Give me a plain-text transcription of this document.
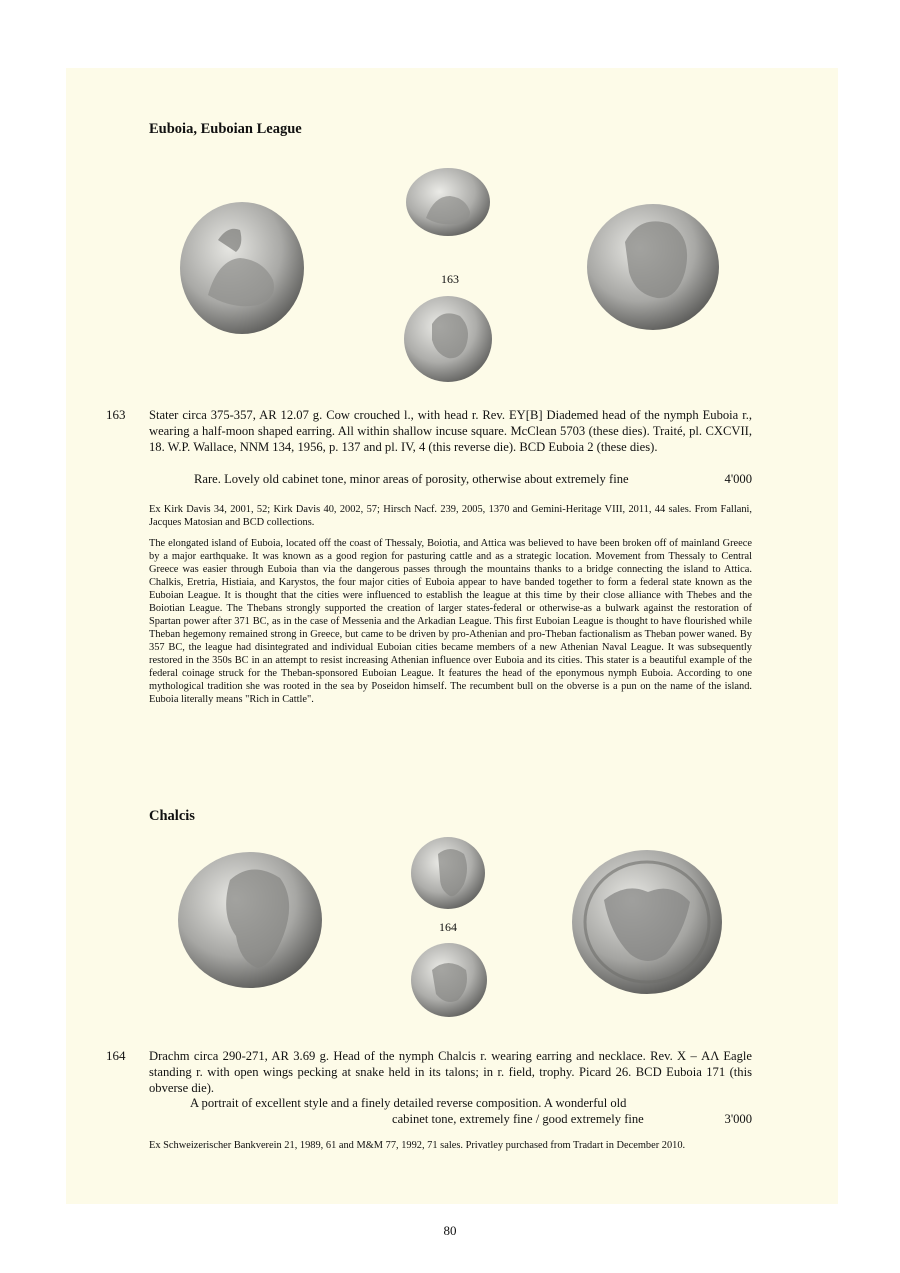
Euboia, Euboian League
163
163 Stater circa 375-357, AR 12.07 g. Cow crouched l., with head r. Rev. EY[B] Diademed head of the nymph Euboia r., wearing a half-moon shaped earring. All within shallow incuse square. McClean 5703 (these dies). Traité, pl. CXCVII, 18. W.P. Wallace, NNM 134, 1956, p. 137 and pl. IV, 4 (this reverse die). BCD Euboia 2 (these dies).
Rare. Lovely old cabinet tone, minor areas of porosity, otherwise about extremely fine	4'000
Ex Kirk Davis 34, 2001, 52; Kirk Davis 40, 2002, 57; Hirsch Nacf. 239, 2005, 1370 and Gemini-Heritage VIII, 2011, 44 sales. From Fallani, Jacques Matosian and BCD collections.
The elongated island of Euboia, located off the coast of Thessaly, Boiotia, and Attica was believed to have been broken off of mainland Greece by a major earthquake. It was known as a good region for pasturing cattle and as a strategic location. Movement from Thessaly to Central Greece was easier through Euboia than via the dangerous passes through the mountains thanks to a bridge connecting the island to Attica. Chalkis, Eretria, Histiaia, and Karystos, the four major cities of Euboia appear to have banded together to form a federal state known as the Euboian League. It is thought that the cities were influenced to establish the league at this time by their close alliance with Thebes and the Boiotian League. The Thebans strongly supported the creation of larger states-federal or otherwise-as a bulwark against the restoration of Spartan power after 371 BC, as in the case of Messenia and the Arkadian League. This first Euboian League is thought to have flourished while Theban hegemony remained strong in Greece, but came to be driven by pro-Athenian and pro-Theban factionalism as Theban power waned. By 357 BC, the league had disintegrated and individual Euboian cities became members of a new Athenian Naval League. It was subsequently restored in the 350s BC in an attempt to resist increasing Athenian influence over Euboia and its cities. This stater is a beautiful example of the federal coinage struck for the Theban-sponsored Euboian League. It features the head of the eponymous nymph Euboia. According to one mythological tradition she was rooted in the sea by Poseidon himself. The recumbent bull on the obverse is a pun on the name of the island. Euboia literally means "Rich in Cattle".
Chalcis
164
164 Drachm circa 290-271, AR 3.69 g. Head of the nymph Chalcis r. wearing earring and necklace. Rev. X – ΑΛ Eagle standing r. with open wings pecking at snake held in its talons; in r. field, trophy. Picard 26. BCD Euboia 171 (this obverse die).
A portrait of excellent style and a finely detailed reverse composition. A wonderful old
cabinet tone, extremely fine / good extremely fine	3'000
Ex Schweizerischer Bankverein 21, 1989, 61 and M&M 77, 1992, 71 sales. Privatley purchased from Tradart in December 2010.
80
